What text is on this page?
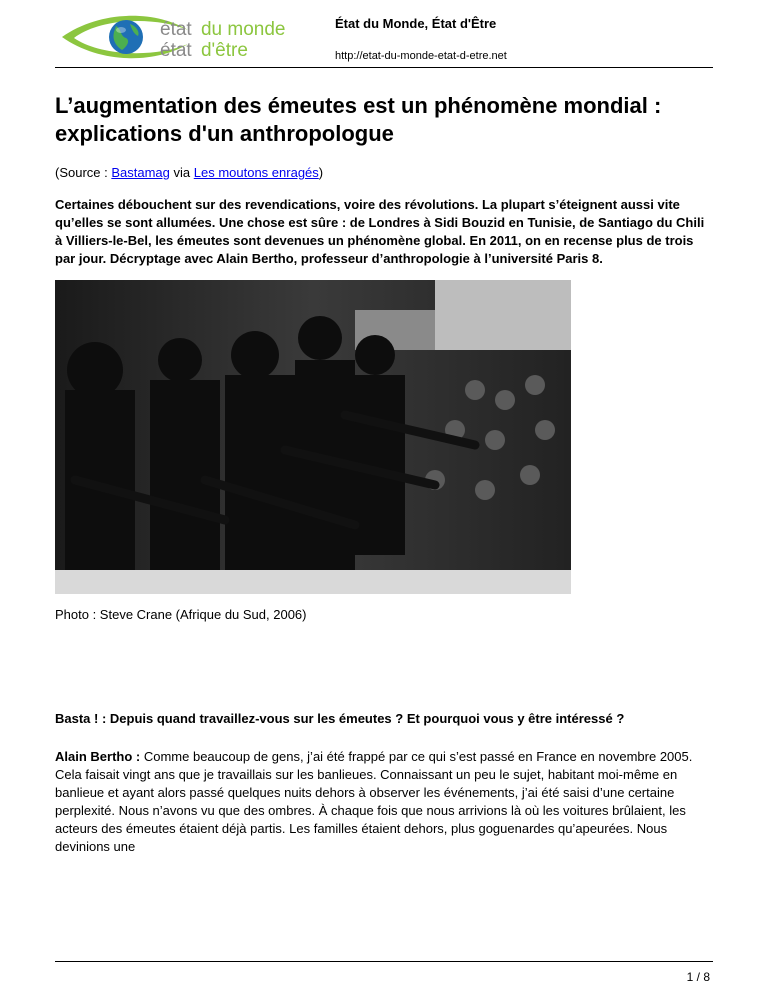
état du monde
état d'être
État du Monde, État d'Être
http://etat-du-monde-etat-d-etre.net
L’augmentation des émeutes est un phénomène mondial : explications d'un anthropologue
(Source : Bastamag via Les moutons enragés)
Certaines débouchent sur des revendications, voire des révolutions. La plupart s’éteignent aussi vite qu’elles se sont allumées. Une chose est sûre : de Londres à Sidi Bouzid en Tunisie, de Santiago du Chili à Villiers-le-Bel, les émeutes sont devenues un phénomène global. En 2011, on en recense plus de trois par jour. Décryptage avec Alain Bertho, professeur d’anthropologie à l’université Paris 8.
Photo : Steve Crane (Afrique du Sud, 2006)
Basta ! : Depuis quand travaillez-vous sur les émeutes ? Et pourquoi vous y être intéressé ?
Alain Bertho : Comme beaucoup de gens, j’ai été frappé par ce qui s’est passé en France en novembre 2005. Cela faisait vingt ans que je travaillais sur les banlieues. Connaissant un peu le sujet, habitant moi-même en banlieue et ayant alors passé quelques nuits dehors à observer les événements, j’ai été saisi d’une certaine perplexité. Nous n’avons vu que des ombres. À chaque fois que nous arrivions là où les voitures brûlaient, les acteurs des émeutes étaient déjà partis. Les familles étaient dehors, plus goguenardes qu’apeurées. Nous devinions une
1 / 8
